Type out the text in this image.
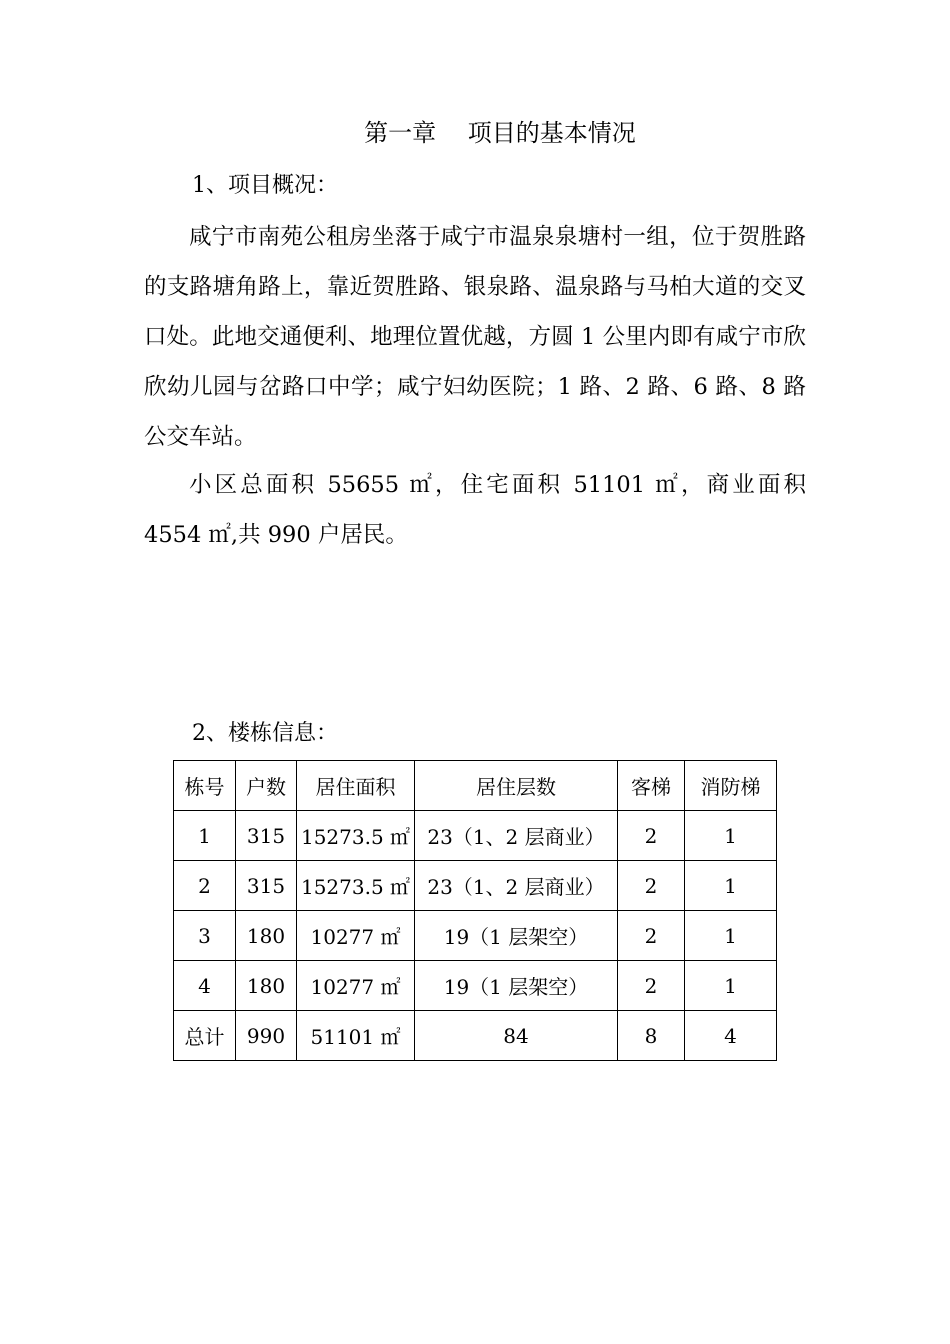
第一章　 项目的基本情况
1、项目概况：

咸宁市南苑公租房坐落于咸宁市温泉泉塘村一组，位于贺胜路的支路塘角路上，靠近贺胜路、银泉路、温泉路与马柏大道的交叉口处。此地交通便利、地理位置优越，方圆 1 公里内即有咸宁市欣欣幼儿园与岔路口中学；咸宁妇幼医院；1 路、2 路、6 路、8 路公交车站。

小区总面积 55655 ㎡，住宅面积 51101 ㎡，商业面积 4554 ㎡,共 990 户居民。

2、楼栋信息：
栋号	户数	居住面积	居住层数	客梯	消防梯
1	315	15273.5 ㎡	23（1、2 层商业）	2	1
2	315	15273.5 ㎡	23（1、2 层商业）	2	1
3	180	10277 ㎡	19（1 层架空）	2	1
4	180	10277 ㎡	19（1 层架空）	2	1
总计	990	51101 ㎡	84	8	4
